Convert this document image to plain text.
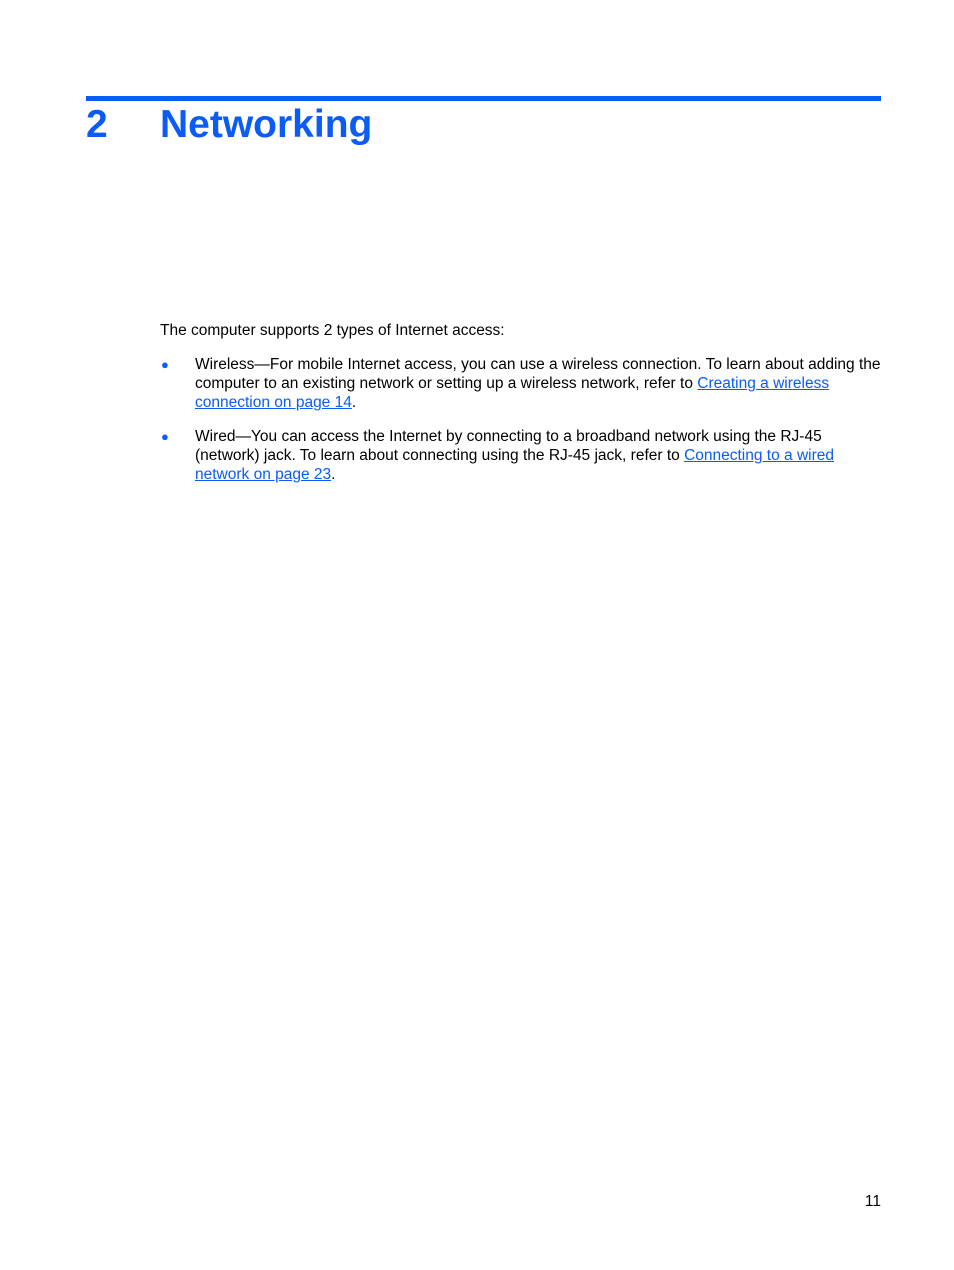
2 Networking

The computer supports 2 types of Internet access:

● Wireless—For mobile Internet access, you can use a wireless connection. To learn about adding the computer to an existing network or setting up a wireless network, refer to Creating a wireless connection on page 14.
● Wired—You can access the Internet by connecting to a broadband network using the RJ-45 (network) jack. To learn about connecting using the RJ-45 jack, refer to Connecting to a wired network on page 23.

11
